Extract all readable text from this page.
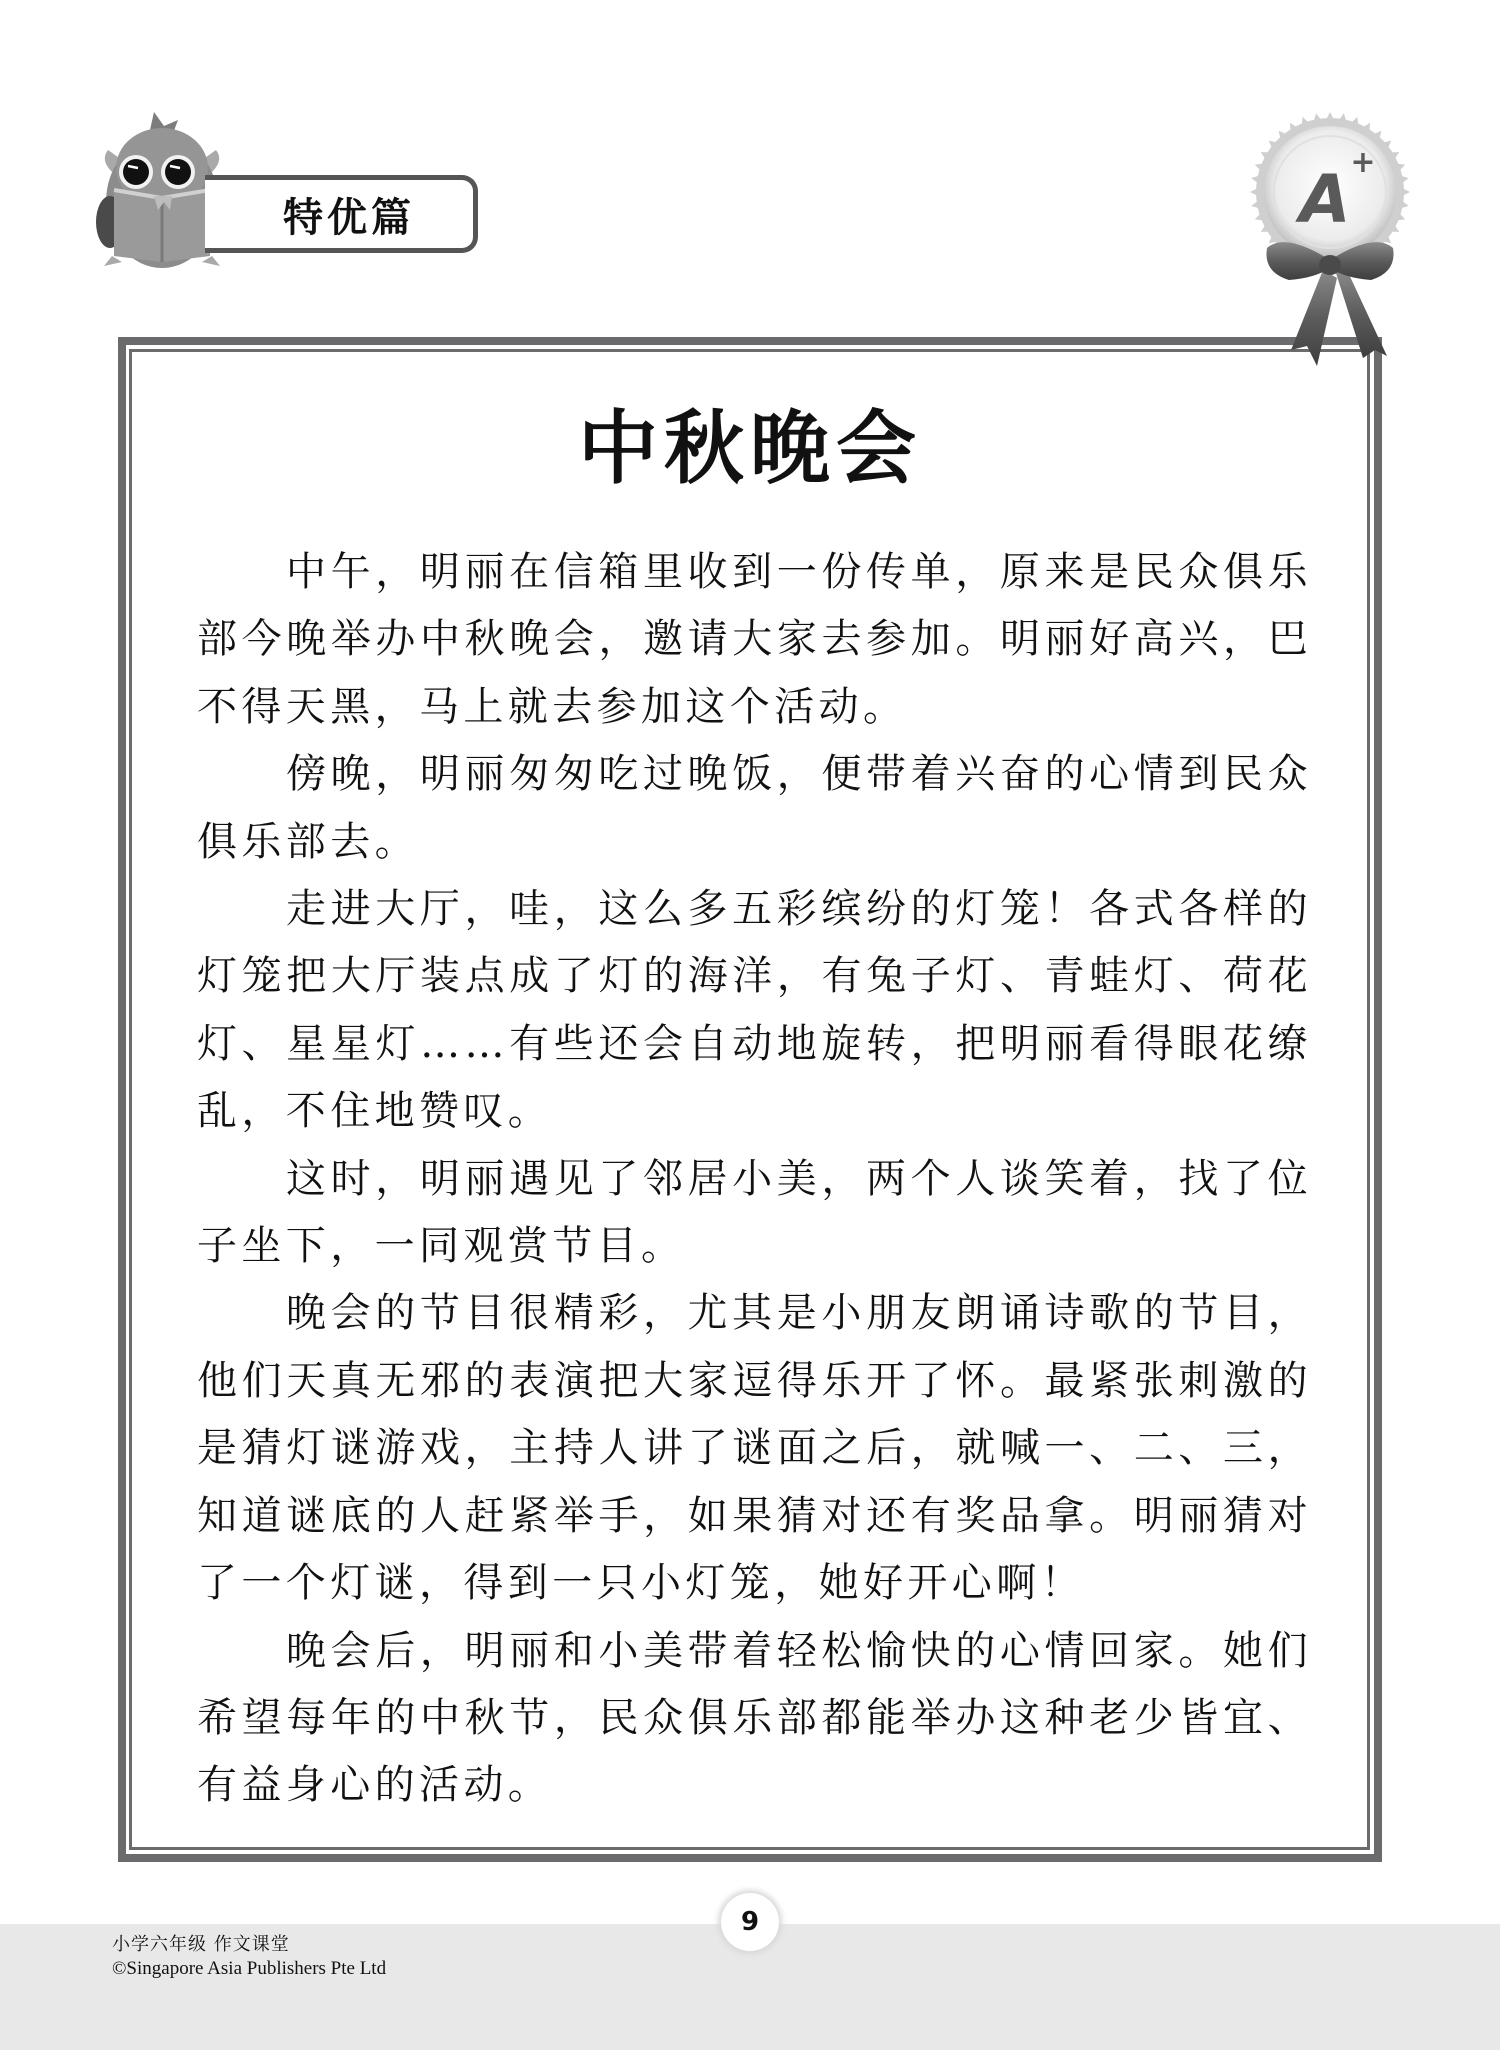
特优篇	A +
中秋晚会

中午，明丽在信箱里收到一份传单，原来是民众俱乐部今晚举办中秋晚会，邀请大家去参加。明丽好高兴，巴不得天黑，马上就去参加这个活动。

傍晚，明丽匆匆吃过晚饭，便带着兴奋的心情到民众俱乐部去。

走进大厅，哇，这么多五彩缤纷的灯笼！各式各样的灯笼把大厅装点成了灯的海洋，有兔子灯、青蛙灯、荷花灯、星星灯……有些还会自动地旋转，把明丽看得眼花缭乱，不住地赞叹。

这时，明丽遇见了邻居小美，两个人谈笑着，找了位子坐下，一同观赏节目。

晚会的节目很精彩，尤其是小朋友朗诵诗歌的节目，他们天真无邪的表演把大家逗得乐开了怀。最紧张刺激的是猜灯谜游戏，主持人讲了谜面之后，就喊一、二、三，知道谜底的人赶紧举手，如果猜对还有奖品拿。明丽猜对了一个灯谜，得到一只小灯笼，她好开心啊！

晚会后，明丽和小美带着轻松愉快的心情回家。她们希望每年的中秋节，民众俱乐部都能举办这种老少皆宜、有益身心的活动。

小学六年级 作文课堂
©Singapore Asia Publishers Pte Ltd
9
